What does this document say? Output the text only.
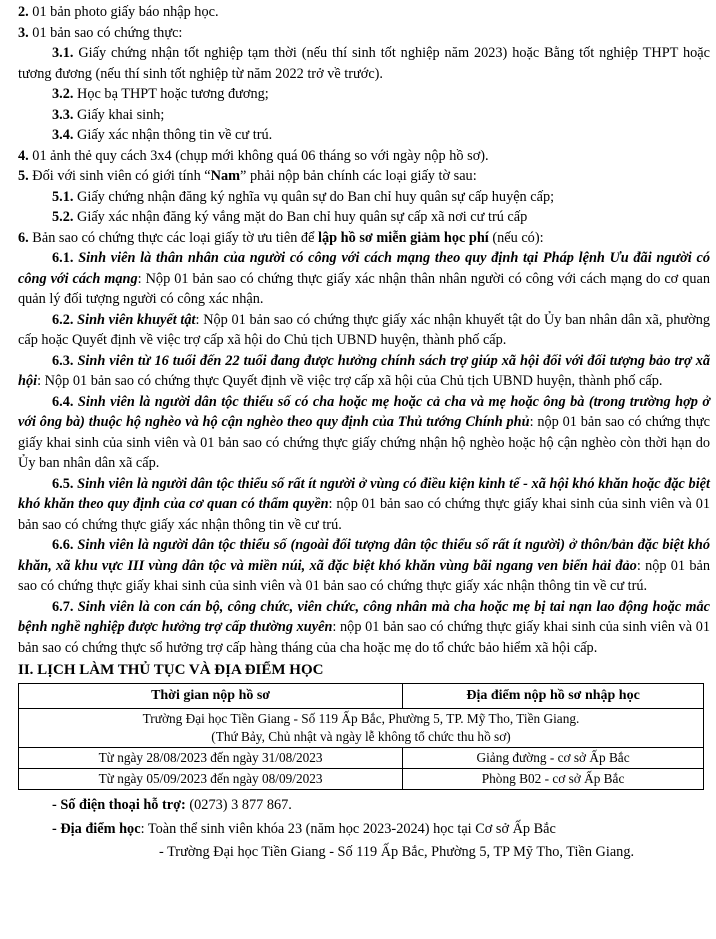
2. 01 bản photo giấy báo nhập học.

3. 01 bản sao có chứng thực:

3.1. Giấy chứng nhận tốt nghiệp tạm thời (nếu thí sinh tốt nghiệp năm 2023) hoặc Bằng tốt nghiệp THPT hoặc tương đương (nếu thí sinh tốt nghiệp từ năm 2022 trở về trước).

3.2. Học bạ THPT hoặc tương đương;

3.3. Giấy khai sinh;

3.4. Giấy xác nhận thông tin về cư trú.

4. 01 ảnh thẻ quy cách 3x4 (chụp mới không quá 06 tháng so với ngày nộp hồ sơ).

5. Đối với sinh viên có giới tính “Nam” phải nộp bản chính các loại giấy tờ sau:

5.1. Giấy chứng nhận đăng ký nghĩa vụ quân sự do Ban chỉ huy quân sự cấp huyện cấp;

5.2. Giấy xác nhận đăng ký vắng mặt do Ban chỉ huy quân sự cấp xã nơi cư trú cấp

6. Bản sao có chứng thực các loại giấy tờ ưu tiên để lập hồ sơ miễn giảm học phí (nếu có):

6.1. Sinh viên là thân nhân của người có công với cách mạng theo quy định tại Pháp lệnh Ưu đãi người có công với cách mạng: Nộp 01 bản sao có chứng thực giấy xác nhận thân nhân người có công với cách mạng do cơ quan quản lý đối tượng người có công xác nhận.

6.2. Sinh viên khuyết tật: Nộp 01 bản sao có chứng thực giấy xác nhận khuyết tật do Ủy ban nhân dân xã, phường cấp hoặc Quyết định về việc trợ cấp xã hội do Chủ tịch UBND huyện, thành phố cấp.

6.3. Sinh viên từ 16 tuổi đến 22 tuổi đang được hưởng chính sách trợ giúp xã hội đối với đối tượng bảo trợ xã hội: Nộp 01 bản sao có chứng thực Quyết định về việc trợ cấp xã hội của Chủ tịch UBND huyện, thành phố cấp.

6.4. Sinh viên là người dân tộc thiểu số có cha hoặc mẹ hoặc cả cha và mẹ hoặc ông bà (trong trường hợp ở với ông bà) thuộc hộ nghèo và hộ cận nghèo theo quy định của Thủ tướng Chính phủ: nộp 01 bản sao có chứng thực giấy khai sinh của sinh viên và 01 bản sao có chứng thực giấy chứng nhận hộ nghèo hoặc hộ cận nghèo còn thời hạn do Ủy ban nhân dân xã cấp.

6.5. Sinh viên là người dân tộc thiểu số rất ít người ở vùng có điều kiện kinh tế - xã hội khó khăn hoặc đặc biệt khó khăn theo quy định của cơ quan có thẩm quyền: nộp 01 bản sao có chứng thực giấy khai sinh của sinh viên và 01 bản sao có chứng thực giấy xác nhận thông tin về cư trú.

6.6. Sinh viên là người dân tộc thiểu số (ngoài đối tượng dân tộc thiểu số rất ít người) ở thôn/bản đặc biệt khó khăn, xã khu vực III vùng dân tộc và miền núi, xã đặc biệt khó khăn vùng bãi ngang ven biển hải đảo: nộp 01 bản sao có chứng thực giấy khai sinh của sinh viên và 01 bản sao có chứng thực giấy xác nhận thông tin về cư trú.

6.7. Sinh viên là con cán bộ, công chức, viên chức, công nhân mà cha hoặc mẹ bị tai nạn lao động hoặc mắc bệnh nghề nghiệp được hưởng trợ cấp thường xuyên: nộp 01 bản sao có chứng thực giấy khai sinh của sinh viên và 01 bản sao có chứng thực sổ hưởng trợ cấp hàng tháng của cha hoặc mẹ do tổ chức bảo hiểm xã hội cấp.

II. LỊCH LÀM THỦ TỤC VÀ ĐỊA ĐIỂM HỌC
Thời gian nộp hồ sơ	Địa điểm nộp hồ sơ nhập học

Trường Đại học Tiền Giang - Số 119 Ấp Bắc, Phường 5, TP. Mỹ Tho, Tiền Giang.
(Thứ Bảy, Chủ nhật và ngày lễ không tổ chức thu hồ sơ)	

Từ ngày 28/08/2023 đến ngày 31/08/2023	Giảng đường - cơ sở Ấp Bắc
Từ ngày 05/09/2023 đến ngày 08/09/2023	Phòng B02 - cơ sở Ấp Bắc

- Số điện thoại hỗ trợ: (0273) 3 877 867.

- Địa điểm học: Toàn thể sinh viên khóa 23 (năm học 2023-2024) học tại Cơ sở Ấp Bắc

- Trường Đại học Tiền Giang - Số 119 Ấp Bắc, Phường 5, TP Mỹ Tho, Tiền Giang.
